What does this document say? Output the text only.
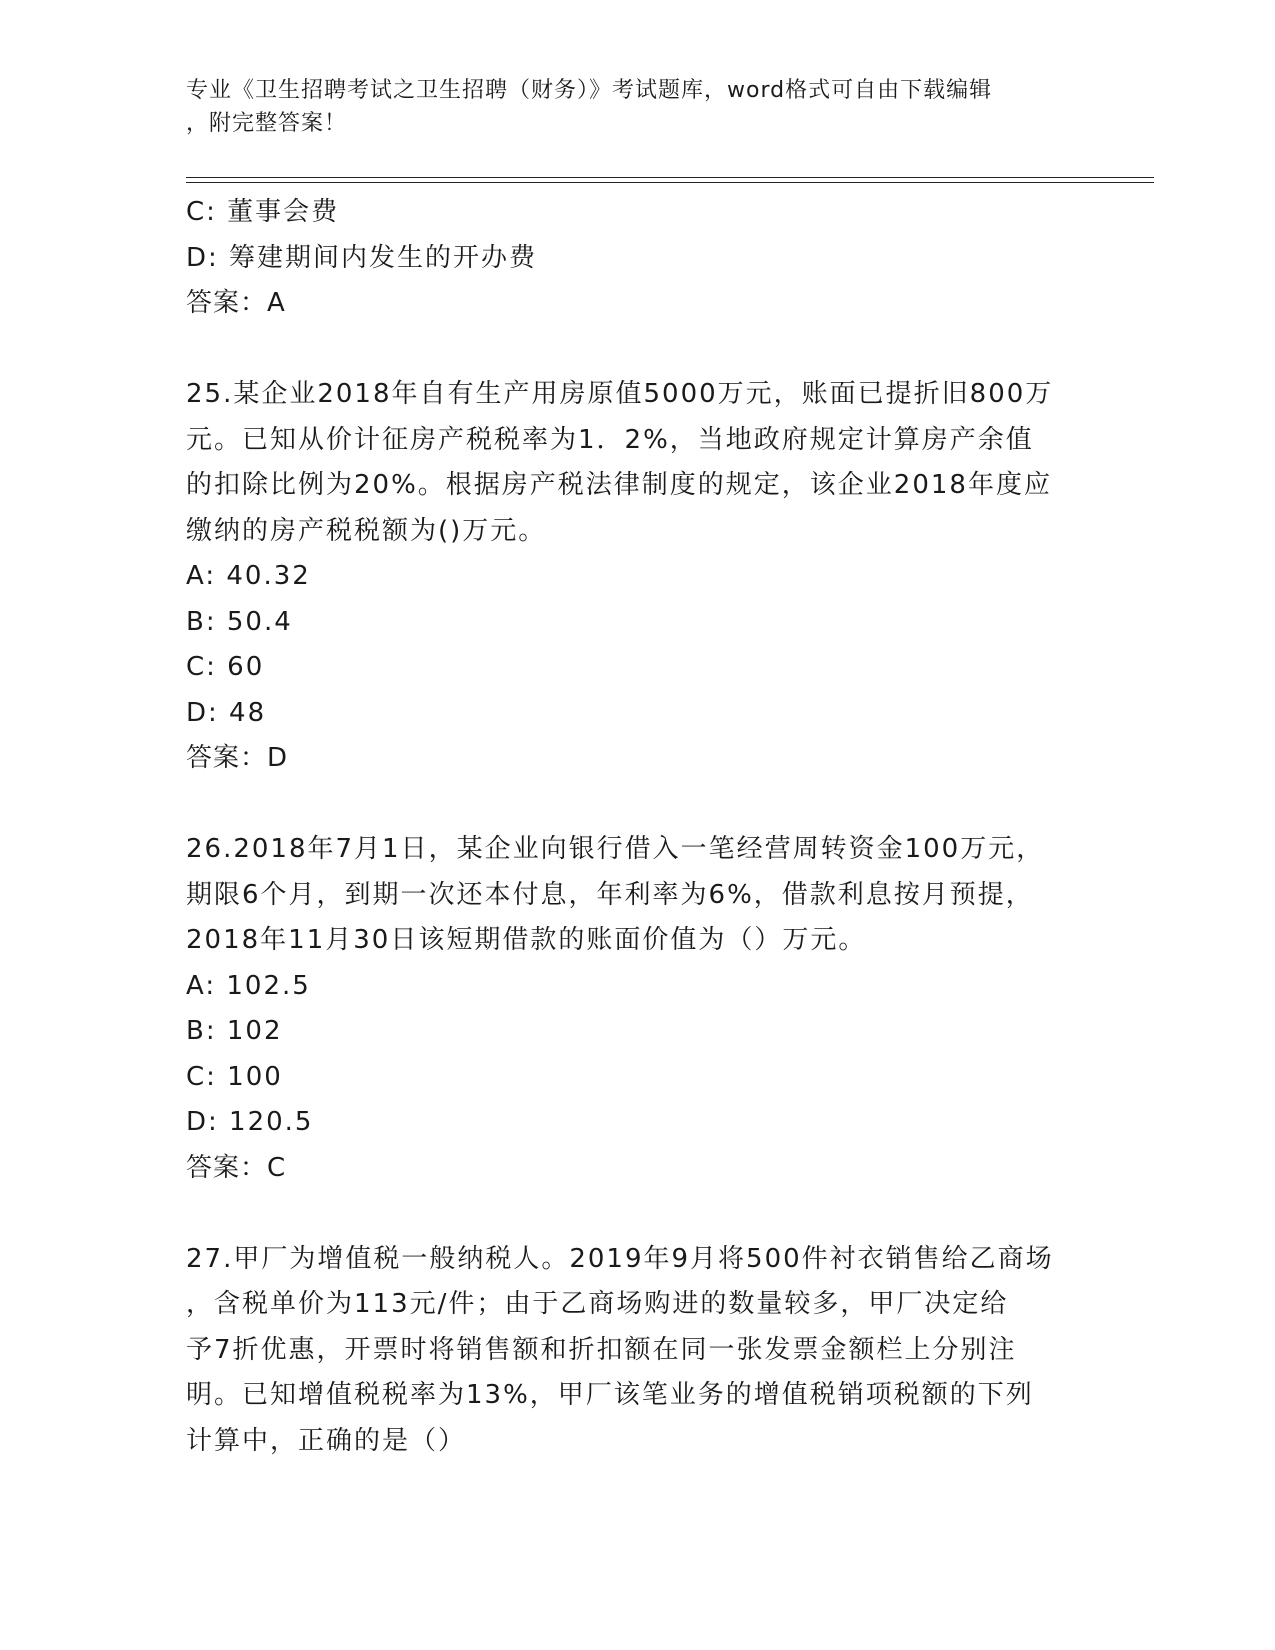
专业《卫生招聘考试之卫生招聘（财务）》考试题库，word格式可自由下载编辑
，附完整答案！
C: 董事会费
D: 筹建期间内发生的开办费
答案：A
25.某企业2018年自有生产用房原值5000万元，账面已提折旧800万
元。已知从价计征房产税税率为1．2%，当地政府规定计算房产余值
的扣除比例为20%。根据房产税法律制度的规定，该企业2018年度应
缴纳的房产税税额为()万元。
A: 40.32
B: 50.4
C: 60
D: 48
答案：D
26.2018年7月1日，某企业向银行借入一笔经营周转资金100万元，
期限6个月，到期一次还本付息，年利率为6%，借款利息按月预提，
2018年11月30日该短期借款的账面价值为（）万元。
A: 102.5
B: 102
C: 100
D: 120.5
答案：C
27.甲厂为增值税一般纳税人。2019年9月将500件衬衣销售给乙商场
，含税单价为113元/件；由于乙商场购进的数量较多，甲厂决定给
予7折优惠，开票时将销售额和折扣额在同一张发票金额栏上分别注
明。已知增值税税率为13%，甲厂该笔业务的增值税销项税额的下列
计算中，正确的是（）
